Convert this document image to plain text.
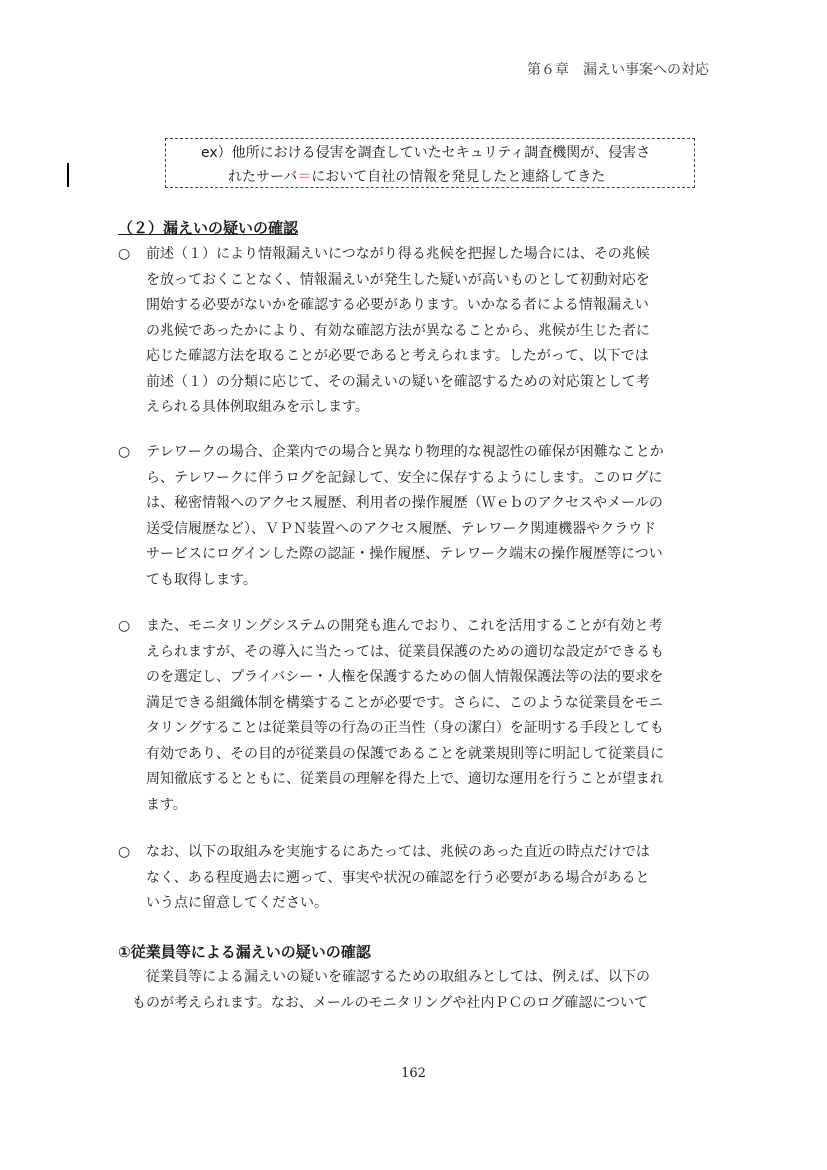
第６章　漏えい事案への対応
ex）他所における侵害を調査していたセキュリティ調査機関が、侵害さ
れたサーバ＝において自社の情報を発見したと連絡してきた
（２）漏えいの疑いの確認
○	前述（１）により情報漏えいにつながり得る兆候を把握した場合には、その兆候
を放っておくことなく、情報漏えいが発生した疑いが高いものとして初動対応を
開始する必要がないかを確認する必要があります。いかなる者による情報漏えい
の兆候であったかにより、有効な確認方法が異なることから、兆候が生じた者に
応じた確認方法を取ることが必要であると考えられます。したがって、以下では
前述（１）の分類に応じて、その漏えいの疑いを確認するための対応策として考
えられる具体例取組みを示します。
○	テレワークの場合、企業内での場合と異なり物理的な視認性の確保が困難なことか
ら、テレワークに伴うログを記録して、安全に保存するようにします。このログに
は、秘密情報へのアクセス履歴、利用者の操作履歴（Ｗｅｂのアクセスやメールの
送受信履歴など）、ＶＰＮ装置へのアクセス履歴、テレワーク関連機器やクラウド
サービスにログインした際の認証・操作履歴、テレワーク端末の操作履歴等につい
ても取得します。
○	また、モニタリングシステムの開発も進んでおり、これを活用することが有効と考
えられますが、その導入に当たっては、従業員保護のための適切な設定ができるも
のを選定し、プライバシー・人権を保護するための個人情報保護法等の法的要求を
満足できる組織体制を構築することが必要です。さらに、このような従業員をモニ
タリングすることは従業員等の行為の正当性（身の潔白）を証明する手段としても
有効であり、その目的が従業員の保護であることを就業規則等に明記して従業員に
周知徹底するとともに、従業員の理解を得た上で、適切な運用を行うことが望まれ
ます。
○	なお、以下の取組みを実施するにあたっては、兆候のあった直近の時点だけでは
なく、ある程度過去に遡って、事実や状況の確認を行う必要がある場合があると
いう点に留意してください。
①従業員等による漏えいの疑いの確認
従業員等による漏えいの疑いを確認するための取組みとしては、例えば、以下の
ものが考えられます。なお、メールのモニタリングや社内ＰＣのログ確認について
162
